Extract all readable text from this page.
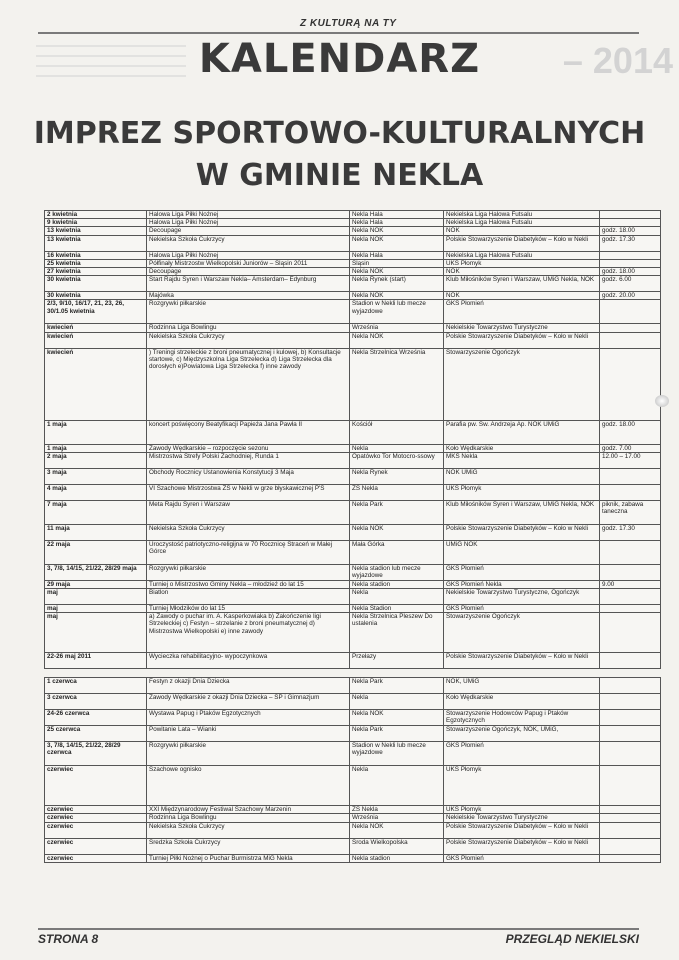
– 2014
Z KULTURĄ NA TY
KALENDARZ
IMPREZ SPORTOWO-KULTURALNYCH
W GMINIE NEKLA
2 kwietnia	Halowa Liga Piłki Nożnej	Nekla Hala	Nekielska Liga Halowa Futsalu	
9 kwietnia	Halowa Liga Piłki Nożnej	Nekla Hala	Nekielska Liga Halowa Futsalu	
13 kwietnia	Decoupage	Nekla NOK	NOK	godz. 18.00
13 kwietnia	Nekielska Szkoła Cukrzycy	Nekla NOK	Polskie Stowarzyszenie Diabetyków – Koło w Nekli	godz. 17.30
16 kwietnia	Halowa Liga Piłki Nożnej	Nekla Hala	Nekielska Liga Halowa Futsalu	
25 kwietnia	Półfinały Mistrzostw Wielkopolski Juniorów – Śląsin 2011	Śląsin	UKS Płomyk	
27 kwietnia	Decoupage	Nekla NOK	NOK	godz. 18.00
30 kwietnia	Start Rajdu Syren i Warszaw Nekla– Amsterdam– Edynburg	Nekla Rynek (start)	Klub Miłośników Syren i Warszaw, UMiG Nekla, NOK	godz. 6.00
30 kwietnia	Majówka	Nekla NOK	NOK	godz. 20.00
2/3, 9/10, 16/17, 21, 23, 26, 30/1.05 kwietnia	Rozgrywki piłkarskie	Stadion w Nekli lub mecze wyjazdowe	GKS Płomień	
kwiecień	Rodzinna Liga Bowlingu	Września	Nekielskie Towarzystwo Turystyczne	
kwiecień	Nekielska Szkoła Cukrzycy	Nekla NOK	Polskie Stowarzyszenie Diabetyków – Koło w Nekli	
kwiecień	) Treningi strzeleckie z broni pneumatycznej i kulowej, b) Konsultacje startowe, c) Międzyszkolna Liga Strzelecka d) Liga Strzelecka dla dorosłych e)Powiatowa Liga Strzelecka f) inne zawody	Nekla Strzelnica Września	Stowarzyszenie Ogończyk	
1 maja	koncert poświęcony Beatyfikacji Papieża Jana Pawła II	Kościół	Parafia pw. Św. Andrzeja Ap. NOK UMiG	godz. 18.00
1 maja	Zawody Wędkarskie – rozpoczęcie sezonu	Nekla	Koło Wędkarskie	godz. 7.00
2 maja	Mistrzostwa Strefy Polski Zachodniej, Runda 1	Opatówko Tor Motocro-ssowy	MKS Nekla	12.00 – 17.00
3 maja	Obchody Rocznicy Ustanowienia Konstytucji 3 Maja	Nekla Rynek	NOK UMiG	
4 maja	VI Szachowe Mistrzostwa ZS w Nekli w grze błyskawicznej P'S	ZS Nekla	UKS Płomyk	
7 maja	Meta Rajdu Syren i Warszaw	Nekla Park	Klub Miłośników Syren i Warszaw, UMiG Nekla, NOK	piknik, zabawa taneczna
11 maja	Nekielska Szkoła Cukrzycy	Nekla NOK	Polskie Stowarzyszenie Diabetyków – Koło w Nekli	godz. 17.30
22 maja	Uroczystość patriotyczno-religijna w 70 Rocznicę Straceń w Małej Górce	Mała Górka	UMiG NOK	
3, 7/8, 14/15, 21/22, 28/29 maja	Rozgrywki piłkarskie	Nekla stadion lub mecze wyjazdowe	GKS Płomień	
29 maja	Turniej o Mistrzostwo Gminy Nekla – młodzież do lat 15	Nekla stadion	GKS Płomień Nekla	9.00
maj	Biatlon	Nekla	Nekielskie Towarzystwo Turystyczne, Ogończyk	
maj	Turniej Młodzików do lat 15	Nekla Stadion	GKS Płomień	
maj	a) Zawody o puchar im. A. Kasperkowiaka b) Zakończenie ligi Strzeleckiej c) Festyn – strzelanie z broni pneumatycznej d) Mistrzostwa Wielkopolski e) inne zawody	Nekla Strzelnica Pleszew Do ustalenia	Stowarzyszenie Ogończyk	
22-26 maj 2011	Wycieczka rehabilitacyjno- wypoczynkowa	Przełazy	Polskie Stowarzyszenie Diabetyków – Koło w Nekli	
1 czerwca	Festyn z okazji Dnia Dziecka	Nekla Park	NOK, UMiG	
3 czerwca	Zawody Wędkarskie z okazji Dnia Dziecka – SP i Gimnazjum	Nekla	Koło Wędkarskie	
24-26 czerwca	Wystawa Papug i Ptaków Egzotycznych	Nekla NOK	Stowarzyszenie Hodowców Papug i Ptaków Egzotycznych	
25 czerwca	Powitanie Lata – Wianki	Nekla Park	Stowarzyszenie Ogończyk, NOK, UMiG,	
3, 7/8, 14/15, 21/22, 28/29 czerwca	Rozgrywki piłkarskie	Stadion w Nekli lub mecze wyjazdowe	GKS Płomień	
czerwiec	Szachowe ognisko	Nekla	UKS Płomyk	
czerwiec	XXI Międzynarodowy Festiwal Szachowy Marzenin	ZS Nekla	UKS Płomyk	
czerwiec	Rodzinna Liga Bowlingu	Września	Nekielskie Towarzystwo Turystyczne	
czerwiec	Nekielska Szkoła Cukrzycy	Nekla NOK	Polskie Stowarzyszenie Diabetyków – Koło w Nekli	
czerwiec	Średzka Szkoła Cukrzycy	Środa Wielkopolska	Polskie Stowarzyszenie Diabetyków – Koło w Nekli	
czerwiec	Turniej Piłki Nożnej o Puchar Burmistrza MiG Nekla	Nekla stadion	GKS Płomień	
STRONA 8	PRZEGLĄD NEKIELSKI
